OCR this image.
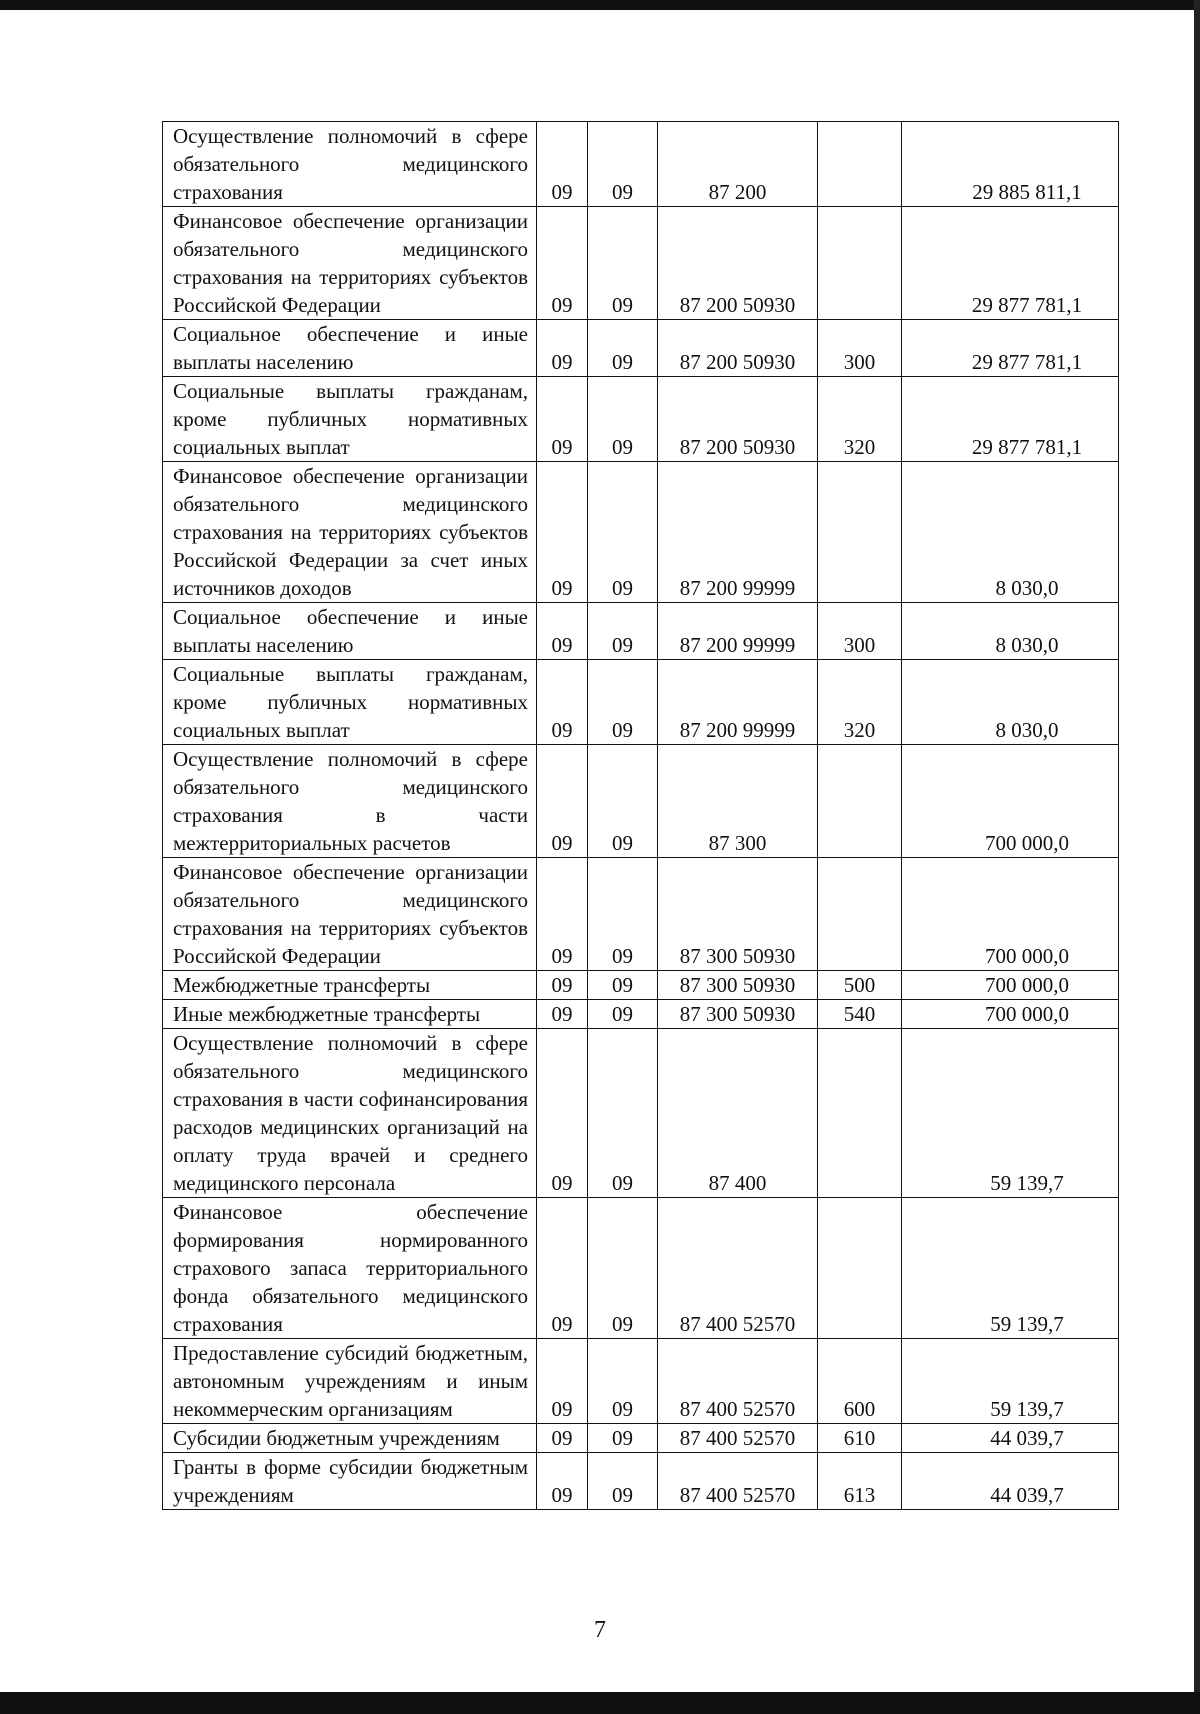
Осуществление полномочий в сфере обязательного медицинского страхования	09	09	87 200		29 885 811,1
Финансовое обеспечение организации обязательного медицинского страхования на территориях субъектов Российской Федерации	09	09	87 200 50930		29 877 781,1
Социальное обеспечение и иные выплаты населению	09	09	87 200 50930	300	29 877 781,1
Социальные выплаты гражданам, кроме публичных нормативных социальных выплат	09	09	87 200 50930	320	29 877 781,1
Финансовое обеспечение организации обязательного медицинского страхования на территориях субъектов Российской Федерации за счет иных источников доходов	09	09	87 200 99999		8 030,0
Социальное обеспечение и иные выплаты населению	09	09	87 200 99999	300	8 030,0
Социальные выплаты гражданам, кроме публичных нормативных социальных выплат	09	09	87 200 99999	320	8 030,0
Осуществление полномочий в сфере обязательного медицинского страхования в части межтерриториальных расчетов	09	09	87 300		700 000,0
Финансовое обеспечение организации обязательного медицинского страхования на территориях субъектов Российской Федерации	09	09	87 300 50930		700 000,0
Межбюджетные трансферты	09	09	87 300 50930	500	700 000,0
Иные межбюджетные трансферты	09	09	87 300 50930	540	700 000,0
Осуществление полномочий в сфере обязательного медицинского страхования в части софинансирования расходов медицинских организаций на оплату труда врачей и среднего медицинского персонала	09	09	87 400		59 139,7
Финансовое обеспечение формирования нормированного страхового запаса территориального фонда обязательного медицинского страхования	09	09	87 400 52570		59 139,7
Предоставление субсидий бюджетным, автономным учреждениям и иным некоммерческим организациям	09	09	87 400 52570	600	59 139,7
Субсидии бюджетным учреждениям	09	09	87 400 52570	610	44 039,7
Гранты в форме субсидии бюджетным учреждениям	09	09	87 400 52570	613	44 039,7
7
